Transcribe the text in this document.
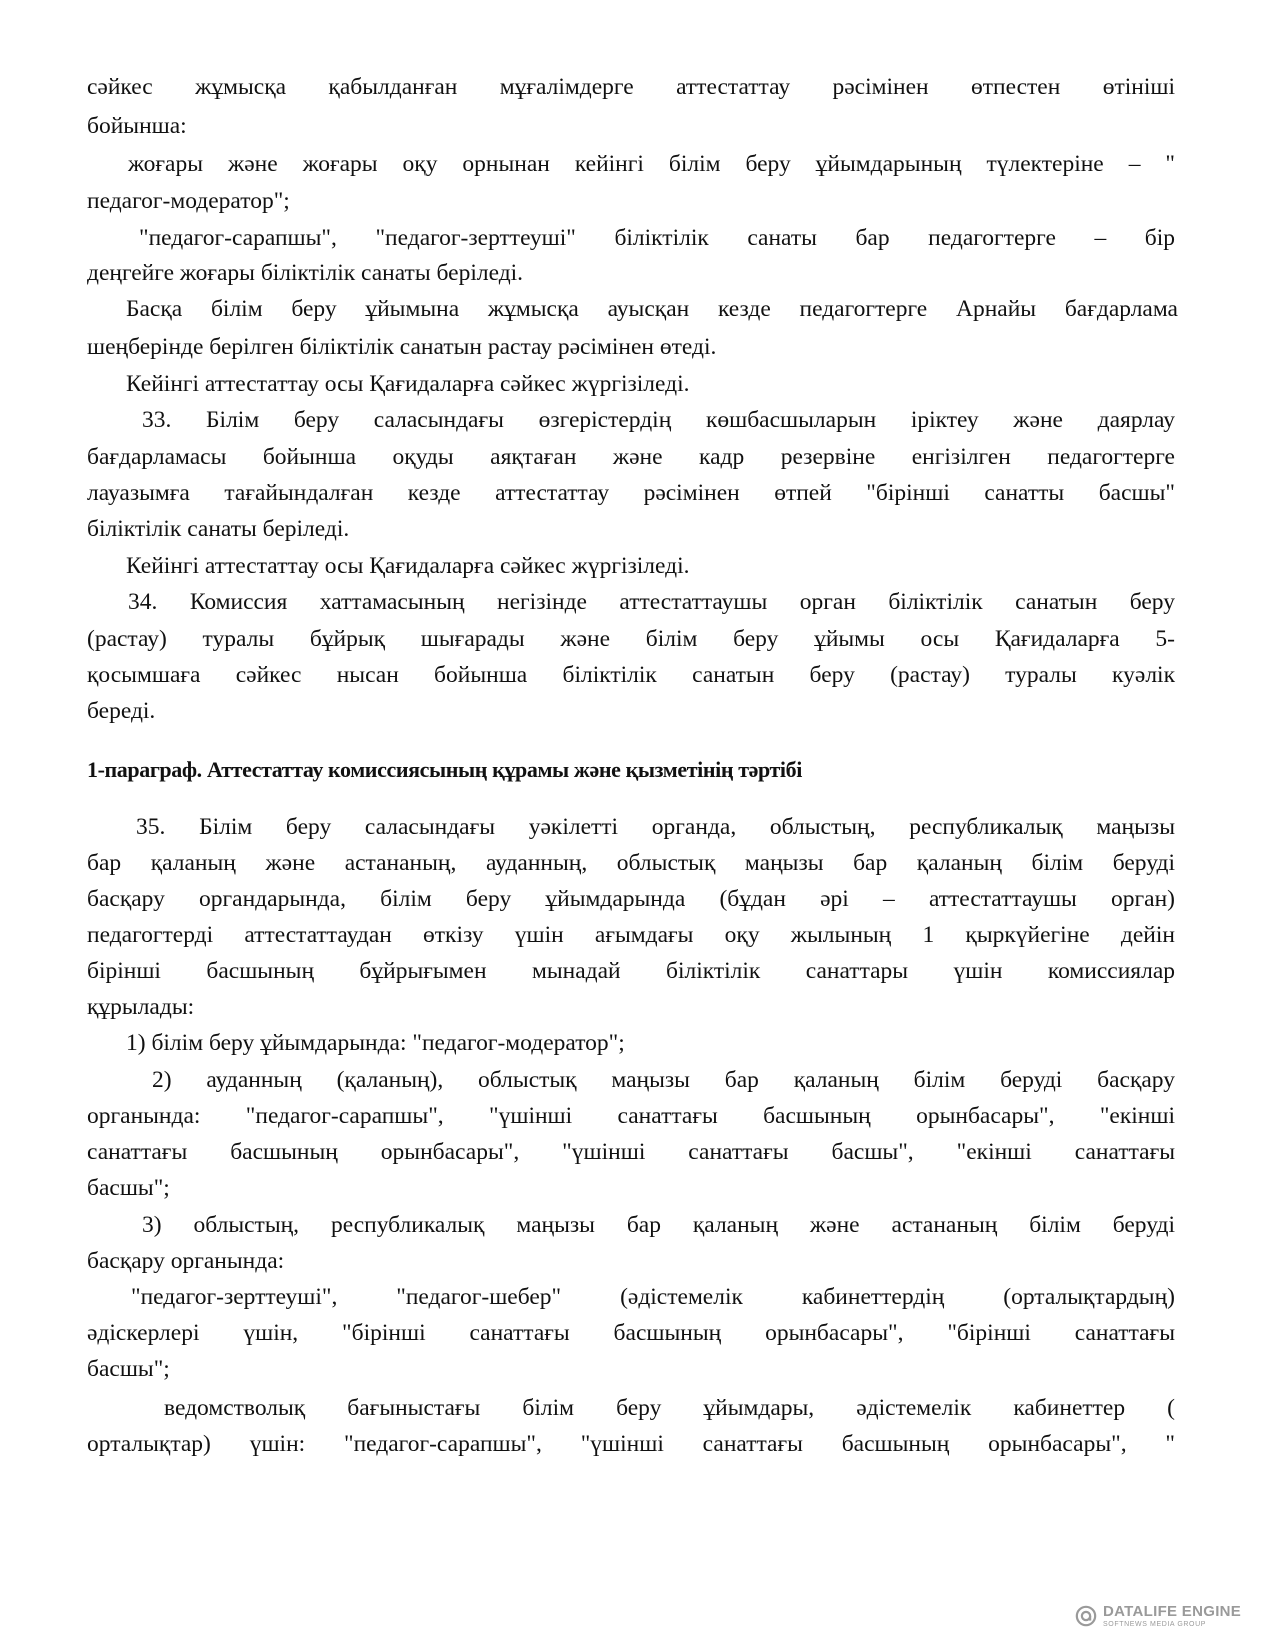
сәйкес жұмысқа қабылданған мұғалімдерге аттестаттау рәсімінен өтпестен өтініші
бойынша:
жоғары және жоғары оқу орнынан кейінгі білім беру ұйымдарының түлектеріне – "
педагог-модератор";
"педагог-сарапшы", "педагог-зерттеуші" біліктілік санаты бар педагогтерге – бір
деңгейге жоғары біліктілік санаты беріледі.
Басқа білім беру ұйымына жұмысқа ауысқан кезде педагогтерге Арнайы бағдарлама
шеңберінде берілген біліктілік санатын растау рәсімінен өтеді.
Кейінгі аттестаттау осы Қағидаларға сәйкес жүргізіледі.
33. Білім беру саласындағы өзгерістердің көшбасшыларын іріктеу және даярлау
бағдарламасы бойынша оқуды аяқтаған және кадр резервіне енгізілген педагогтерге
лауазымға тағайындалған кезде аттестаттау рәсімінен өтпей "бірінші санатты басшы"
біліктілік санаты беріледі.
Кейінгі аттестаттау осы Қағидаларға сәйкес жүргізіледі.
34. Комиссия хаттамасының негізінде аттестаттаушы орган біліктілік санатын беру
(растау) туралы бұйрық шығарады және білім беру ұйымы осы Қағидаларға 5-
қосымшаға сәйкес нысан бойынша біліктілік санатын беру (растау) туралы куәлік
береді.
1-параграф. Аттестаттау комиссиясының құрамы және қызметінің тәртібі
35. Білім беру саласындағы уәкілетті органда, облыстың, республикалық маңызы
бар қаланың және астананың, ауданның, облыстық маңызы бар қаланың білім беруді
басқару органдарында, білім беру ұйымдарында (бұдан әрі – аттестаттаушы орган)
педагогтерді аттестаттаудан өткізу үшін ағымдағы оқу жылының 1 қыркүйегіне дейін
бірінші басшының бұйрығымен мынадай біліктілік санаттары үшін комиссиялар
құрылады:
1) білім беру ұйымдарында: "педагог-модератор";
2) ауданның (қаланың), облыстық маңызы бар қаланың білім беруді басқару
органында: "педагог-сарапшы", "үшінші санаттағы басшының орынбасары", "екінші
санаттағы басшының орынбасары", "үшінші санаттағы басшы", "екінші санаттағы
басшы";
3) облыстың, республикалық маңызы бар қаланың және астананың білім беруді
басқару органында:
"педагог-зерттеуші", "педагог-шебер" (әдістемелік кабинеттердің (орталықтардың)
әдіскерлері үшін, "бірінші санаттағы басшының орынбасары", "бірінші санаттағы
басшы";
ведомстволық бағыныстағы білім беру ұйымдары, әдістемелік кабинеттер (
орталықтар) үшін: "педагог-сарапшы", "үшінші санаттағы басшының орынбасары", "
DATALIFE ENGINE
SOFTNEWS MEDIA GROUP
